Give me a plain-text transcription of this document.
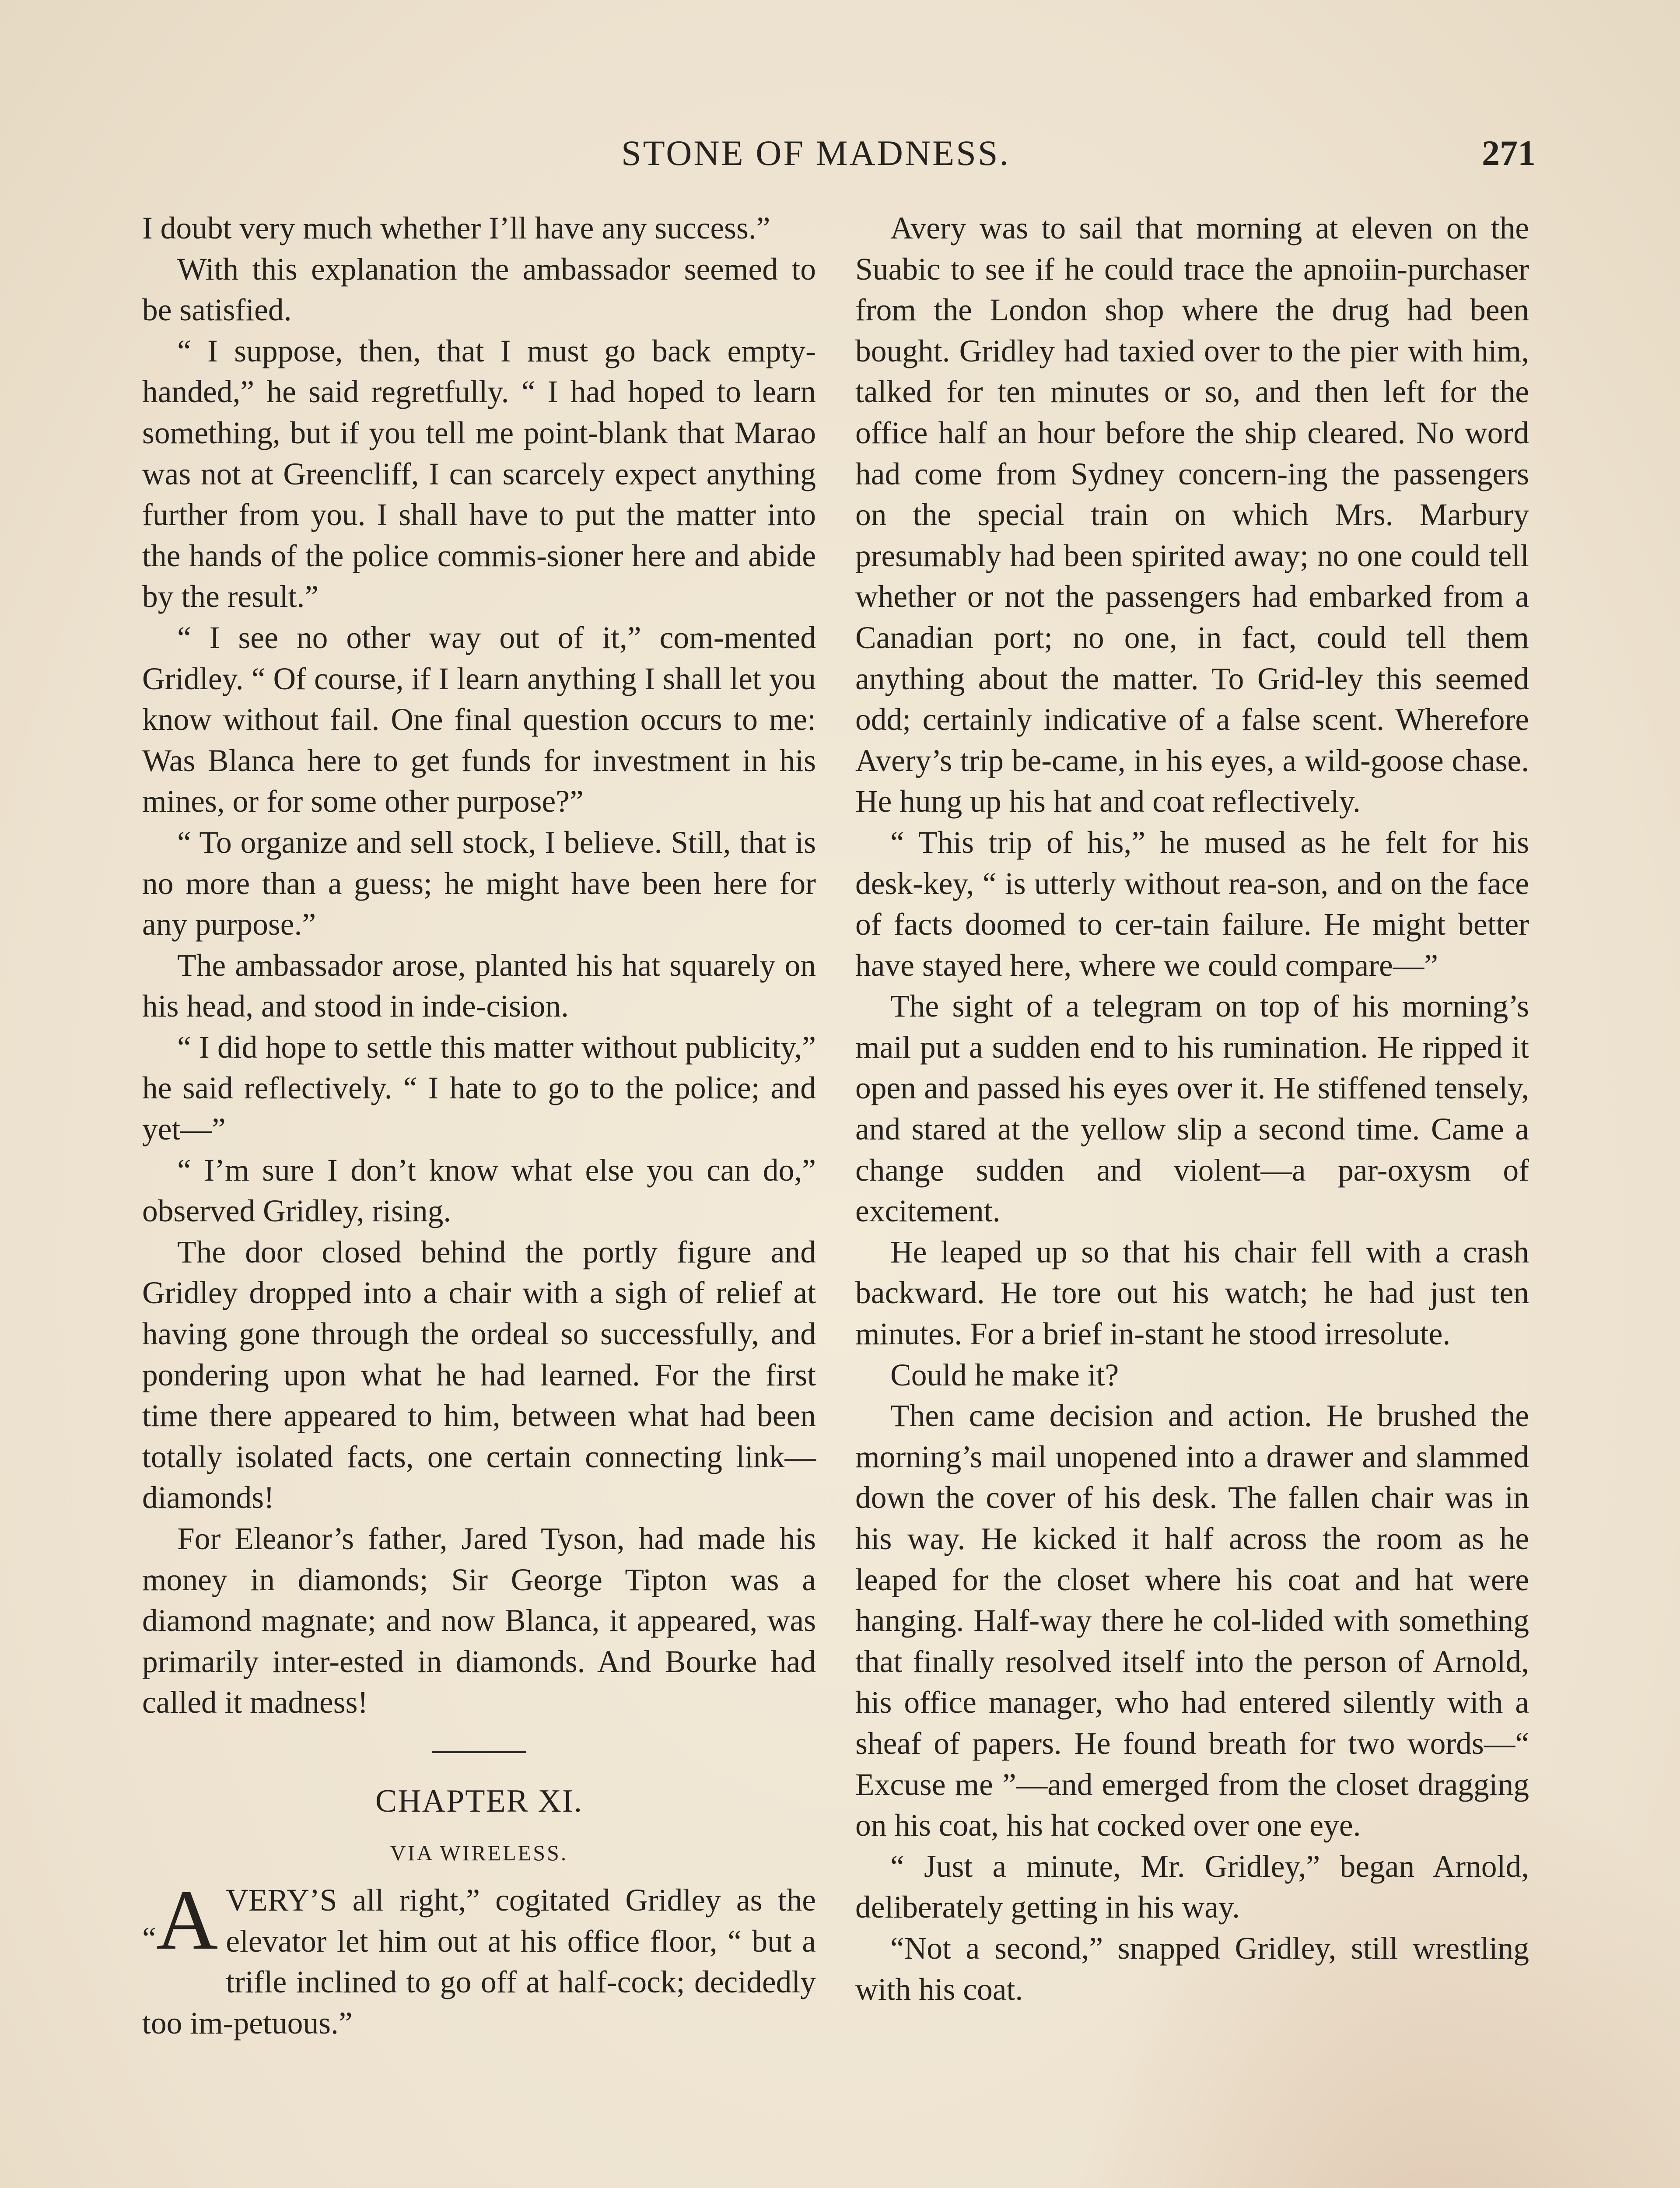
STONE OF MADNESS.	271

I doubt very much whether I’ll have any success.”

With this explanation the ambassador seemed to be satisfied.

“ I suppose, then, that I must go back empty-handed,” he said regretfully. “ I had hoped to learn something, but if you tell me point-blank that Marao was not at Greencliff, I can scarcely expect anything further from you. I shall have to put the matter into the hands of the police commis-sioner here and abide by the result.”

“ I see no other way out of it,” com-mented Gridley. “ Of course, if I learn anything I shall let you know without fail. One final question occurs to me: Was Blanca here to get funds for investment in his mines, or for some other purpose?”

“ To organize and sell stock, I believe. Still, that is no more than a guess; he might have been here for any purpose.”

The ambassador arose, planted his hat squarely on his head, and stood in inde-cision.

“ I did hope to settle this matter without publicity,” he said reflectively. “ I hate to go to the police; and yet—”

“ I’m sure I don’t know what else you can do,” observed Gridley, rising.

The door closed behind the portly figure and Gridley dropped into a chair with a sigh of relief at having gone through the ordeal so successfully, and pondering upon what he had learned. For the first time there appeared to him, between what had been totally isolated facts, one certain connecting link—diamonds!

For Eleanor’s father, Jared Tyson, had made his money in diamonds; Sir George Tipton was a diamond magnate; and now Blanca, it appeared, was primarily inter-ested in diamonds. And Bourke had called it madness!

CHAPTER XI.
VIA WIRELESS.

“A VERY’S all right,” cogitated Gridley as the elevator let him out at his office floor, “ but a trifle inclined to go off at half-cock; decidedly too im-petuous.”

Avery was to sail that morning at eleven on the Suabic to see if he could trace the apnoiin-purchaser from the London shop where the drug had been bought. Gridley had taxied over to the pier with him, talked for ten minutes or so, and then left for the office half an hour before the ship cleared. No word had come from Sydney concern-ing the passengers on the special train on which Mrs. Marbury presumably had been spirited away; no one could tell whether or not the passengers had embarked from a Canadian port; no one, in fact, could tell them anything about the matter. To Grid-ley this seemed odd; certainly indicative of a false scent. Wherefore Avery’s trip be-came, in his eyes, a wild-goose chase. He hung up his hat and coat reflectively.

“ This trip of his,” he mused as he felt for his desk-key, “ is utterly without rea-son, and on the face of facts doomed to cer-tain failure. He might better have stayed here, where we could compare—”

The sight of a telegram on top of his morning’s mail put a sudden end to his rumination. He ripped it open and passed his eyes over it. He stiffened tensely, and stared at the yellow slip a second time. Came a change sudden and violent—a par-oxysm of excitement.

He leaped up so that his chair fell with a crash backward. He tore out his watch; he had just ten minutes. For a brief in-stant he stood irresolute.

Could he make it?

Then came decision and action. He brushed the morning’s mail unopened into a drawer and slammed down the cover of his desk. The fallen chair was in his way. He kicked it half across the room as he leaped for the closet where his coat and hat were hanging. Half-way there he col-lided with something that finally resolved itself into the person of Arnold, his office manager, who had entered silently with a sheaf of papers. He found breath for two words—“ Excuse me ”—and emerged from the closet dragging on his coat, his hat cocked over one eye.

“ Just a minute, Mr. Gridley,” began Arnold, deliberately getting in his way.

“Not a second,” snapped Gridley, still wrestling with his coat.
